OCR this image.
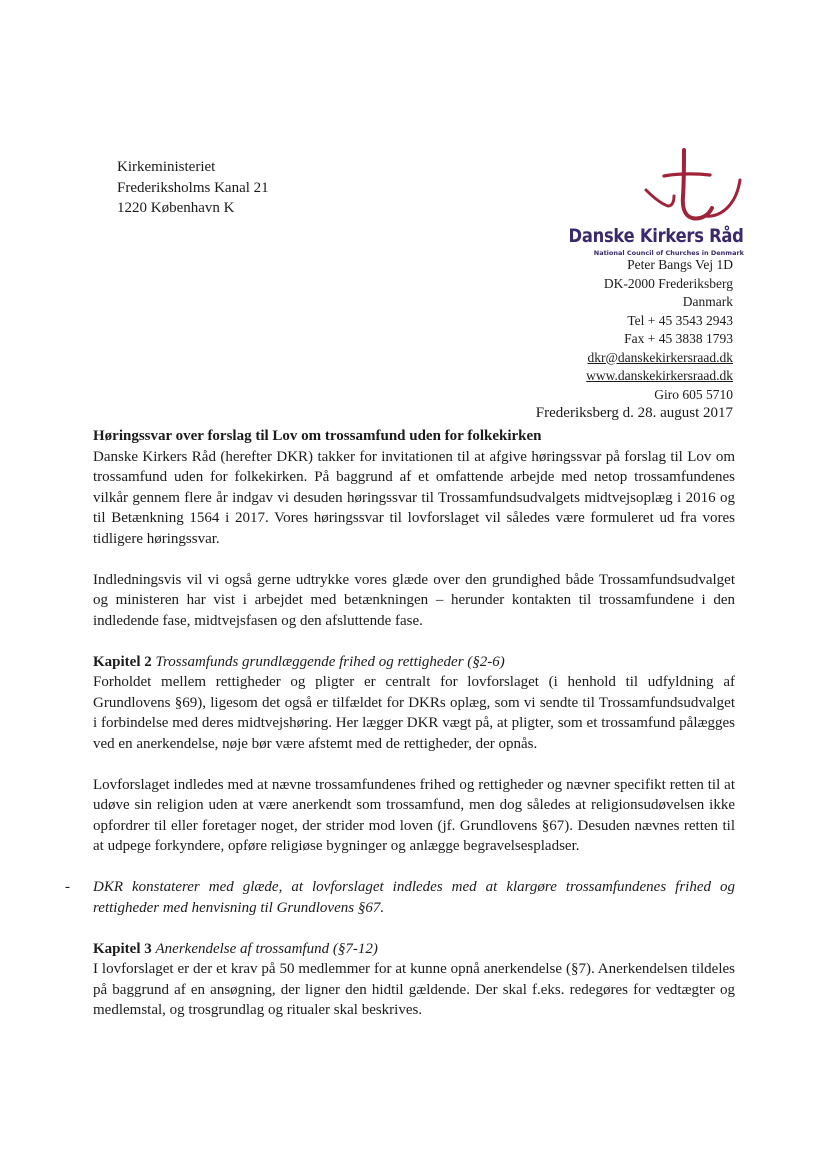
Kirkeministeriet
Frederiksholms Kanal 21
1220 København K
Danske Kirkers Råd
National Council of Churches in Denmark
Peter Bangs Vej 1D
DK-2000 Frederiksberg
Danmark
Tel + 45 3543 2943
Fax + 45 3838 1793
dkr@danskekirkersraad.dk
www.danskekirkersraad.dk
Giro 605 5710
Frederiksberg d. 28. august 2017
Høringssvar over forslag til Lov om trossamfund uden for folkekirken

Danske Kirkers Råd (herefter DKR) takker for invitationen til at afgive høringssvar på forslag til Lov om trossamfund uden for folkekirken. På baggrund af et omfattende arbejde med netop trossamfundenes vilkår gennem flere år indgav vi desuden høringssvar til Trossamfundsudvalgets midtvejsoplæg i 2016 og til Betænkning 1564 i 2017. Vores høringssvar til lovforslaget vil således være formuleret ud fra vores tidligere høringssvar.

Indledningsvis vil vi også gerne udtrykke vores glæde over den grundighed både Trossamfundsudvalget og ministeren har vist i arbejdet med betænkningen – herunder kontakten til trossamfundene i den indledende fase, midtvejsfasen og den afsluttende fase.

Kapitel 2 Trossamfunds grundlæggende frihed og rettigheder (§2-6)

Forholdet mellem rettigheder og pligter er centralt for lovforslaget (i henhold til udfyldning af Grundlovens §69), ligesom det også er tilfældet for DKRs oplæg, som vi sendte til Trossamfundsudvalget i forbindelse med deres midtvejshøring. Her lægger DKR vægt på, at pligter, som et trossamfund pålægges ved en anerkendelse, nøje bør være afstemt med de rettigheder, der opnås.

Lovforslaget indledes med at nævne trossamfundenes frihed og rettigheder og nævner specifikt retten til at udøve sin religion uden at være anerkendt som trossamfund, men dog således at religionsudøvelsen ikke opfordrer til eller foretager noget, der strider mod loven (jf. Grundlovens §67). Desuden nævnes retten til at udpege forkyndere, opføre religiøse bygninger og anlægge begravelsespladser.

- DKR konstaterer med glæde, at lovforslaget indledes med at klargøre trossamfundenes frihed og rettigheder med henvisning til Grundlovens §67.

Kapitel 3 Anerkendelse af trossamfund (§7-12)

I lovforslaget er der et krav på 50 medlemmer for at kunne opnå anerkendelse (§7). Anerkendelsen tildeles på baggrund af en ansøgning, der ligner den hidtil gældende. Der skal f.eks. redegøres for vedtægter og medlemstal, og trosgrundlag og ritualer skal beskrives.
